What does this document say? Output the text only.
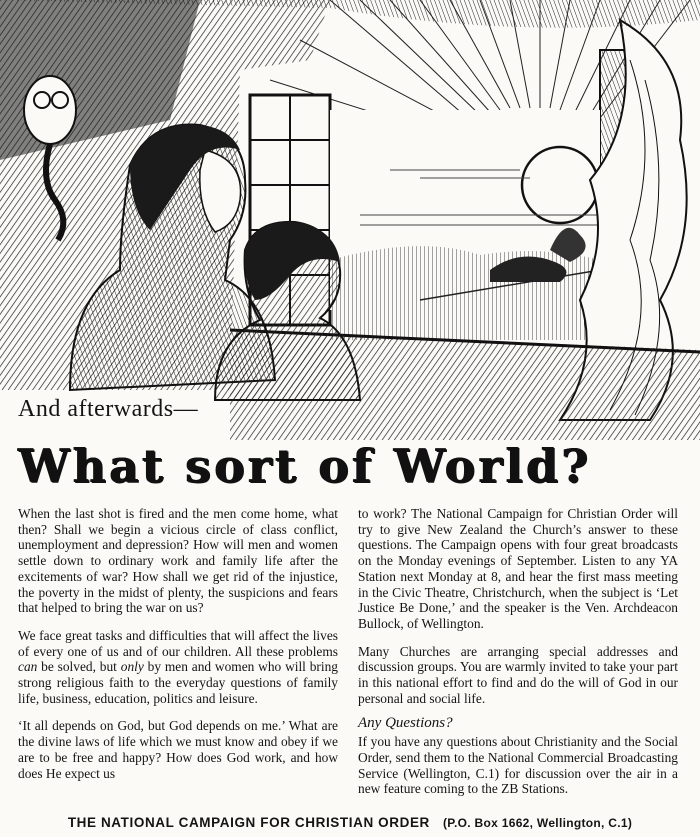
And afterwards—
What sort of World?

When the last shot is fired and the men come home, what then? Shall we begin a vicious circle of class conflict, unemployment and depression? How will men and women settle down to ordinary work and family life after the excitements of war? How shall we get rid of the injustice, the poverty in the midst of plenty, the suspicions and fears that helped to bring the war on us?

We face great tasks and difficulties that will affect the lives of every one of us and of our children. All these problems can be solved, but only by men and women who will bring strong religious faith to the everyday questions of family life, business, education, politics and leisure.

‘It all depends on God, but God depends on me.’ What are the divine laws of life which we must know and obey if we are to be free and happy? How does God work, and how does He expect us

to work? The National Campaign for Christian Order will try to give New Zealand the Church’s answer to these questions. The Campaign opens with four great broadcasts on the Monday evenings of September. Listen to any YA Station next Monday at 8, and hear the first mass meeting in the Civic Theatre, Christchurch, when the subject is ‘Let Justice Be Done,’ and the speaker is the Ven. Archdeacon Bullock, of Wellington.

Many Churches are arranging special addresses and discussion groups. You are warmly invited to take your part in this national effort to find and do the will of God in our personal and social life.

Any Questions?

If you have any questions about Christianity and the Social Order, send them to the National Commercial Broadcasting Service (Wellington, C.1) for discussion over the air in a new feature coming to the ZB Stations.

THE NATIONAL CAMPAIGN FOR CHRISTIAN ORDER (P.O. Box 1662, Wellington, C.1)
